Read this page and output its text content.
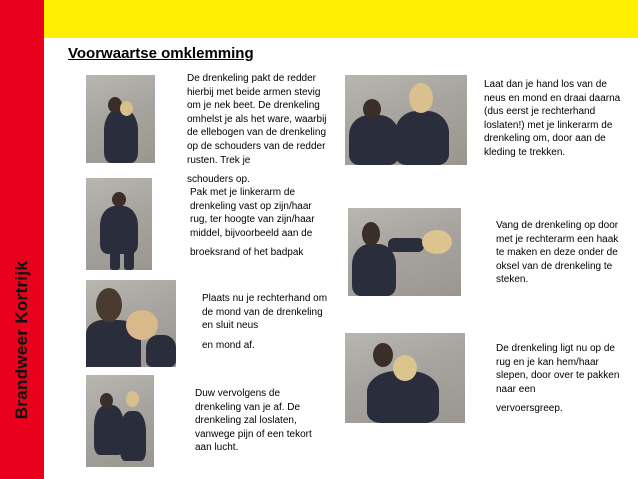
Brandweer Kortrijk
Voorwaartse omklemming

De drenkeling pakt de redder hierbij met beide armen stevig om je nek beet. De drenkeling omhelst je als het ware, waarbij de ellebogen van de drenkeling op de schouders van de redder rusten. Trek je

schouders op.

Pak met je linkerarm de drenkeling vast op zijn/haar rug, ter hoogte van zijn/haar middel, bijvoorbeeld aan de

broeksrand of het badpak

Plaats nu je rechterhand om de mond van de drenkeling en sluit neus

en mond af.

Duw vervolgens de drenkeling van je af. De drenkeling zal loslaten, vanwege pijn of een tekort aan lucht.

Laat dan je hand los van de neus en mond en draai daarna (dus eerst je rechterhand loslaten!) met je linkerarm de drenkeling om, door aan de kleding te trekken.

Vang de drenkeling op door met je rechterarm een haak te maken en deze onder de oksel van de drenkeling te steken.

De drenkeling ligt nu op de rug en je kan hem/haar slepen, door over te pakken naar een

vervoersgreep.
